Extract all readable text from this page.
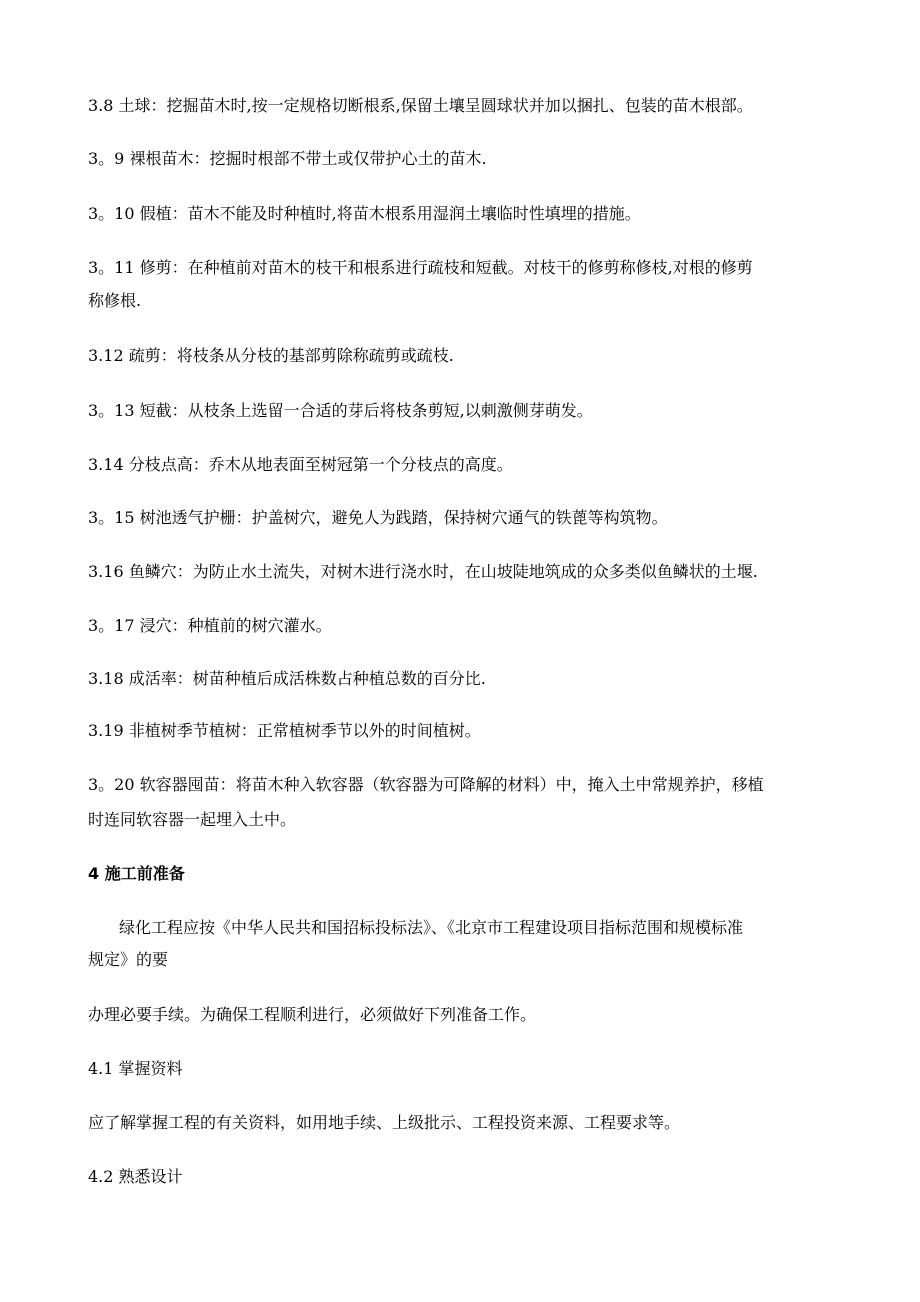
3.8 土球：挖掘苗木时,按一定规格切断根系,保留土壤呈圆球状并加以捆扎、包装的苗木根部。

3。9 裸根苗木：挖掘时根部不带土或仅带护心土的苗木.

3。10 假植：苗木不能及时种植时,将苗木根系用湿润土壤临时性填埋的措施。

3。11 修剪：在种植前对苗木的枝干和根系进行疏枝和短截。对枝干的修剪称修枝,对根的修剪

称修根.

3.12 疏剪：将枝条从分枝的基部剪除称疏剪或疏枝.

3。13 短截：从枝条上选留一合适的芽后将枝条剪短,以刺激侧芽萌发。

3.14 分枝点高：乔木从地表面至树冠第一个分枝点的高度。

3。15 树池透气护栅：护盖树穴，避免人为践踏，保持树穴通气的铁蓖等构筑物。

3.16 鱼鳞穴：为防止水土流失，对树木进行浇水时，在山坡陡地筑成的众多类似鱼鳞状的土堰.

3。17 浸穴：种植前的树穴灌水。

3.18 成活率：树苗种植后成活株数占种植总数的百分比.

3.19 非植树季节植树：正常植树季节以外的时间植树。

3。20 软容器囤苗：将苗木种入软容器（软容器为可降解的材料）中，掩入土中常规养护，移植

时连同软容器一起埋入土中。

4 施工前准备

绿化工程应按《中华人民共和国招标投标法》、《北京市工程建设项目指标范围和规模标准

规定》的要

办理必要手续。为确保工程顺利进行，必须做好下列准备工作。

4.1 掌握资料

应了解掌握工程的有关资料，如用地手续、上级批示、工程投资来源、工程要求等。

4.2 熟悉设计
